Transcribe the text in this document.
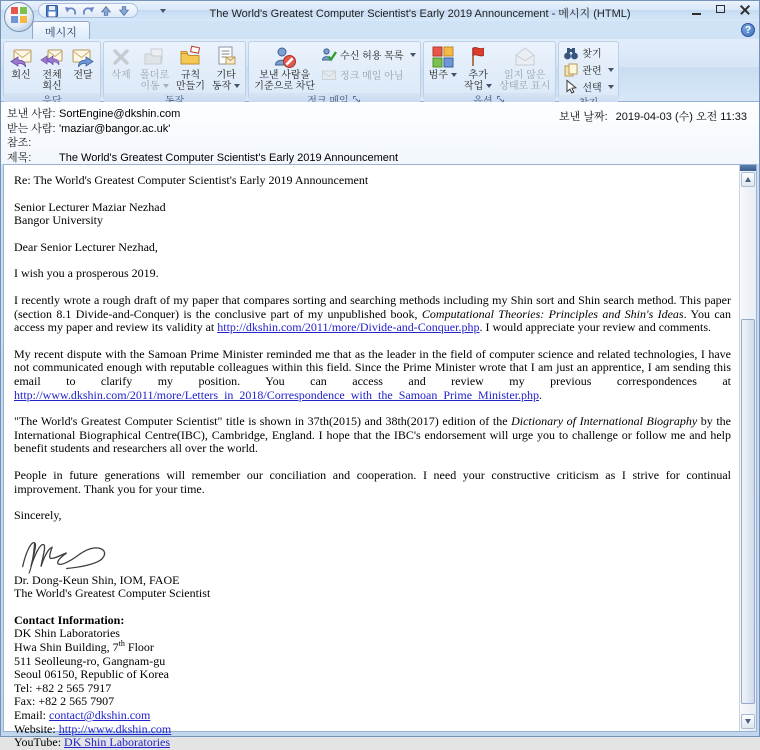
The World's Greatest Computer Scientist's Early 2019 Announcement - 메시지 (HTML)
메시지	?
회신 전체
회신
전달 삭제 폴더로
이동
규칙
만들기
기타
동작
보낸 사람을
기준으로 차단
수신 허용 목록
정크 메일 아님	범주	추가
작업
읽지 않은
상태로 표시
찾기
관련
선택
보낸 사람: SortEngine@dkshin.com
받는 사람: 'maziar@bangor.ac.uk'
참조:
제목:	The World's Greatest Computer Scientist's Early 2019 Announcement
보낸 날짜: 2019-04-03 (수) 오전 11:33

Re: The World's Greatest Computer Scientist's Early 2019 Announcement

Senior Lecturer Maziar Nezhad
Bangor University

Dear Senior Lecturer Nezhad,

I wish you a prosperous 2019.

I recently wrote a rough draft of my paper that compares sorting and searching methods including my Shin sort and Shin search method. This paper (section 8.1 Divide-and-Conquer) is the conclusive part of my unpublished book, Computational Theories: Principles and Shin's Ideas. You can access my paper and review its validity at http://dkshin.com/2011/more/Divide-and-Conquer.php. I would appreciate your review and comments.

My recent dispute with the Samoan Prime Minister reminded me that as the leader in the field of computer science and related technologies, I have not communicated enough with reputable colleagues within this field. Since the Prime Minister wrote that I am just an apprentice, I am sending this email to clarify my position. You can access and review my previous correspondences at http://www.dkshin.com/2011/more/Letters_in_2018/Correspondence_with_the_Samoan_Prime_Minister.php.

"The World's Greatest Computer Scientist" title is shown in 37th(2015) and 38th(2017) edition of the Dictionary of International Biography by the International Biographical Centre(IBC), Cambridge, England. I hope that the IBC's endorsement will urge you to challenge or follow me and help benefit students and researchers all over the world.

People in future generations will remember our conciliation and cooperation. I need your constructive criticism as I strive for continual improvement. Thank you for your time.

Sincerely,

Dr. Dong-Keun Shin, IOM, FAOE
The World's Greatest Computer Scientist

Contact Information:
DK Shin Laboratories
Hwa Shin Building, 7th Floor
511 Seolleung-ro, Gangnam-gu
Seoul 06150, Republic of Korea
Tel: +82 2 565 7917
Fax: +82 2 565 7907
Email: contact@dkshin.com
Website: http://www.dkshin.com
YouTube: DK Shin Laboratories
